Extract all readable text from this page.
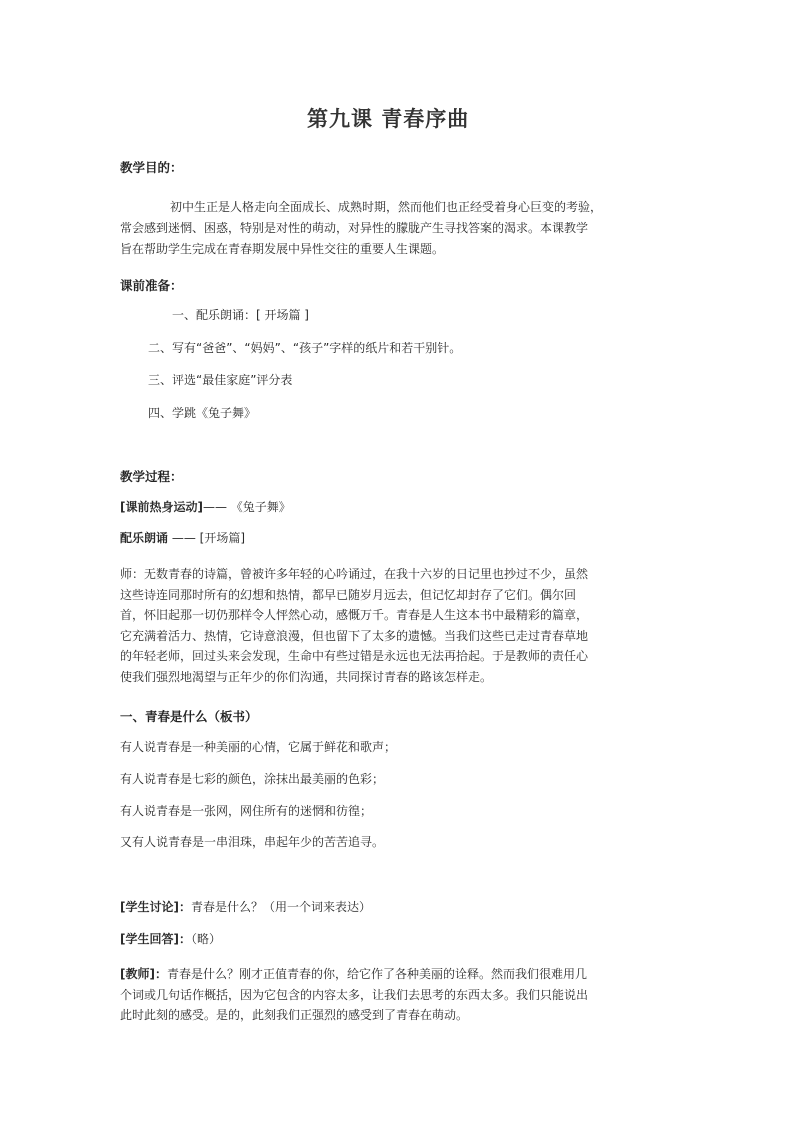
第九课 青春序曲
教学目的：
初中生正是人格走向全面成长、成熟时期，然而他们也正经受着身心巨变的考验，
常会感到迷惘、困惑，特别是对性的萌动，对异性的朦胧产生寻找答案的渴求。本课教学
旨在帮助学生完成在青春期发展中异性交往的重要人生课题。
课前准备：
一、配乐朗诵：[ 开场篇 ]
二、写有“爸爸”、“妈妈”、“孩子”字样的纸片和若干别针。
三、评选“最佳家庭”评分表
四、学跳《兔子舞》
教学过程：
[课前热身运动]—— 《兔子舞》
配乐朗诵 —— [开场篇]
师：无数青春的诗篇，曾被许多年轻的心吟诵过，在我十六岁的日记里也抄过不少，虽然
这些诗连同那时所有的幻想和热情，都早已随岁月远去，但记忆却封存了它们。偶尔回
首，怀旧起那一切仍那样令人怦然心动，感慨万千。青春是人生这本书中最精彩的篇章，
它充满着活力、热情，它诗意浪漫，但也留下了太多的遗憾。当我们这些已走过青春草地
的年轻老师，回过头来会发现，生命中有些过错是永远也无法再拾起。于是教师的责任心
使我们强烈地渴望与正年少的你们沟通，共同探讨青春的路该怎样走。
一、青春是什么（板书）
有人说青春是一种美丽的心情，它属于鲜花和歌声；
有人说青春是七彩的颜色，涂抹出最美丽的色彩；
有人说青春是一张网，网住所有的迷惘和彷徨；
又有人说青春是一串泪珠，串起年少的苦苦追寻。
[学生讨论]：青春是什么？（用一个词来表达）
[学生回答]：（略）
[教师]：青春是什么？刚才正值青春的你，给它作了各种美丽的诠释。然而我们很难用几
个词或几句话作概括，因为它包含的内容太多，让我们去思考的东西太多。我们只能说出
此时此刻的感受。是的，此刻我们正强烈的感受到了青春在萌动。
